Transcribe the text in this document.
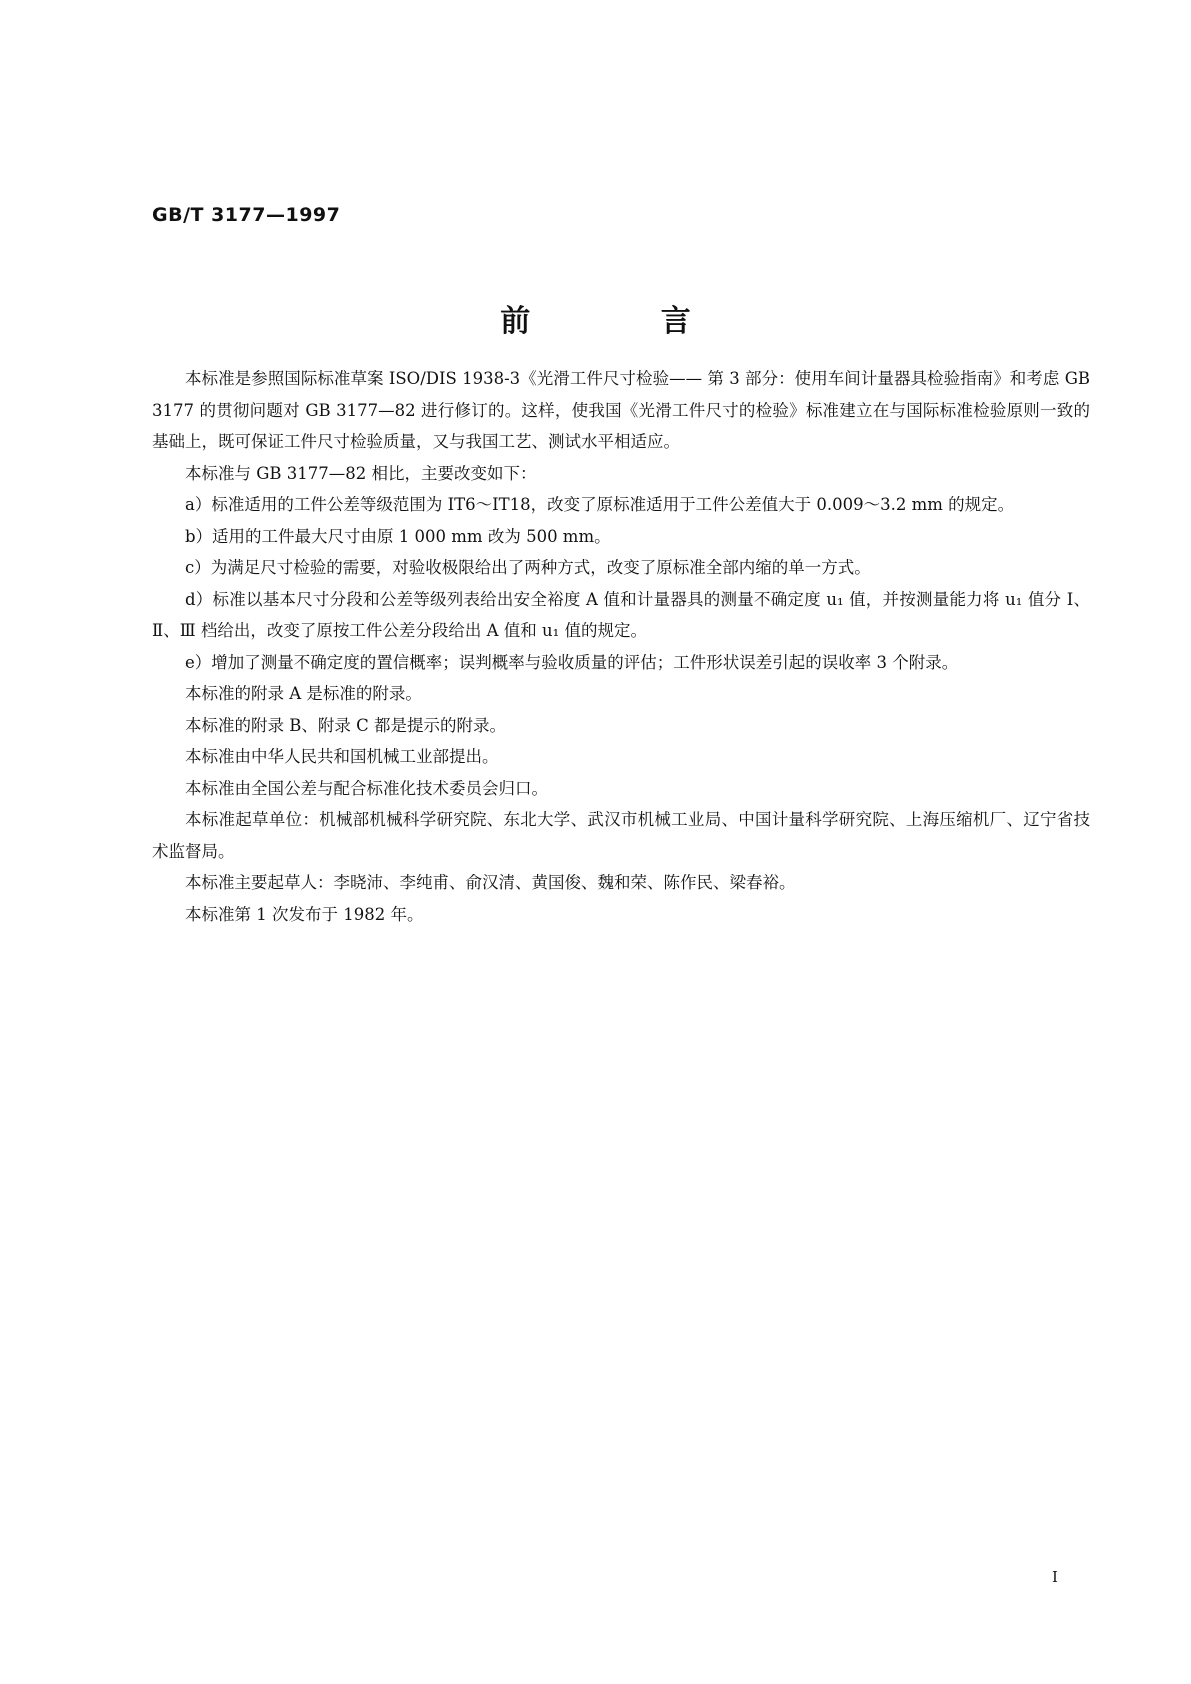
GB/T 3177—1997
前 言

本标准是参照国际标准草案 ISO/DIS 1938-3《光滑工件尺寸检验—— 第 3 部分：使用车间计量器具检验指南》和考虑 GB 3177 的贯彻问题对 GB 3177—82 进行修订的。这样，使我国《光滑工件尺寸的检验》标准建立在与国际标准检验原则一致的基础上，既可保证工件尺寸检验质量，又与我国工艺、测试水平相适应。

本标准与 GB 3177—82 相比，主要改变如下：

a）标准适用的工件公差等级范围为 IT6～IT18，改变了原标准适用于工件公差值大于 0.009～3.2 mm 的规定。

b）适用的工件最大尺寸由原 1 000 mm 改为 500 mm。

c）为满足尺寸检验的需要，对验收极限给出了两种方式，改变了原标准全部内缩的单一方式。

d）标准以基本尺寸分段和公差等级列表给出安全裕度 A 值和计量器具的测量不确定度 u₁ 值，并按测量能力将 u₁ 值分 Ⅰ、Ⅱ、Ⅲ 档给出，改变了原按工件公差分段给出 A 值和 u₁ 值的规定。

e）增加了测量不确定度的置信概率；误判概率与验收质量的评估；工件形状误差引起的误收率 3 个附录。

本标准的附录 A 是标准的附录。

本标准的附录 B、附录 C 都是提示的附录。

本标准由中华人民共和国机械工业部提出。

本标准由全国公差与配合标准化技术委员会归口。

本标准起草单位：机械部机械科学研究院、东北大学、武汉市机械工业局、中国计量科学研究院、上海压缩机厂、辽宁省技术监督局。

本标准主要起草人：李晓沛、李纯甫、俞汉清、黄国俊、魏和荣、陈作民、梁春裕。

本标准第 1 次发布于 1982 年。

I
